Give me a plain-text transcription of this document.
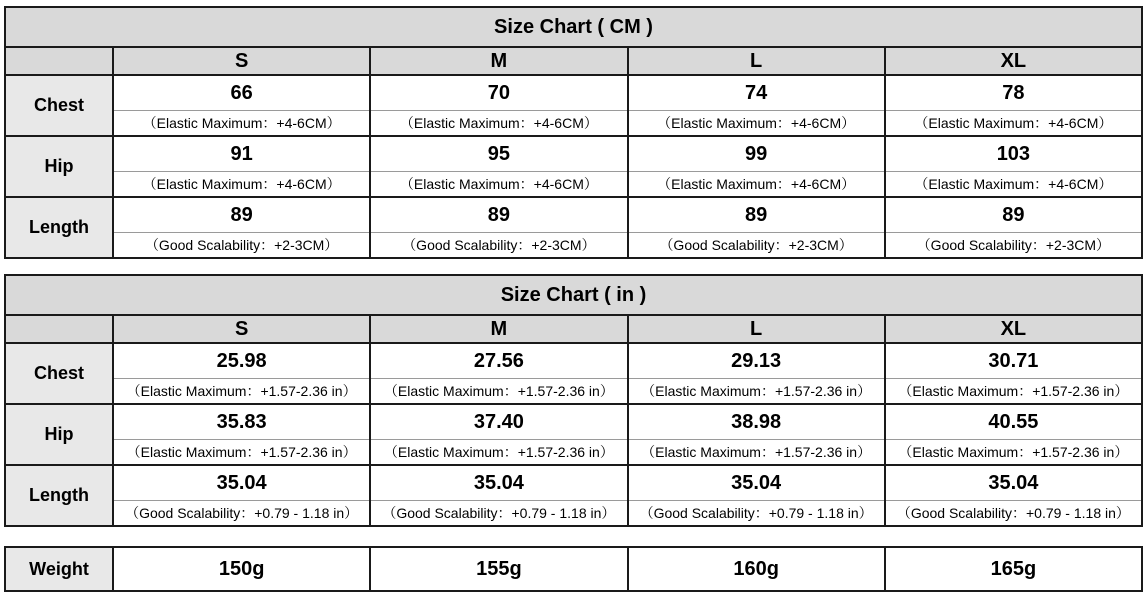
Size Chart ( CM )				
	S	M	L	XL
Chest	66	70	74	78
	（Elastic Maximum：+4-6CM）	（Elastic Maximum：+4-6CM）	（Elastic Maximum：+4-6CM）	（Elastic Maximum：+4-6CM）
Hip	91	95	99	103
	（Elastic Maximum：+4-6CM）	（Elastic Maximum：+4-6CM）	（Elastic Maximum：+4-6CM）	（Elastic Maximum：+4-6CM）
Length	89	89	89	89
	（Good Scalability：+2-3CM）	（Good Scalability：+2-3CM）	（Good Scalability：+2-3CM）	（Good Scalability：+2-3CM）
Size Chart ( in )				
	S	M	L	XL
Chest	25.98	27.56	29.13	30.71
	（Elastic Maximum：+1.57-2.36 in）	（Elastic Maximum：+1.57-2.36 in）	（Elastic Maximum：+1.57-2.36 in）	（Elastic Maximum：+1.57-2.36 in）
Hip	35.83	37.40	38.98	40.55
	（Elastic Maximum：+1.57-2.36 in）	（Elastic Maximum：+1.57-2.36 in）	（Elastic Maximum：+1.57-2.36 in）	（Elastic Maximum：+1.57-2.36 in）
Length	35.04	35.04	35.04	35.04
	（Good Scalability：+0.79 - 1.18 in）	（Good Scalability：+0.79 - 1.18 in）	（Good Scalability：+0.79 - 1.18 in）	（Good Scalability：+0.79 - 1.18 in）
Weight	150g	155g	160g	165g
